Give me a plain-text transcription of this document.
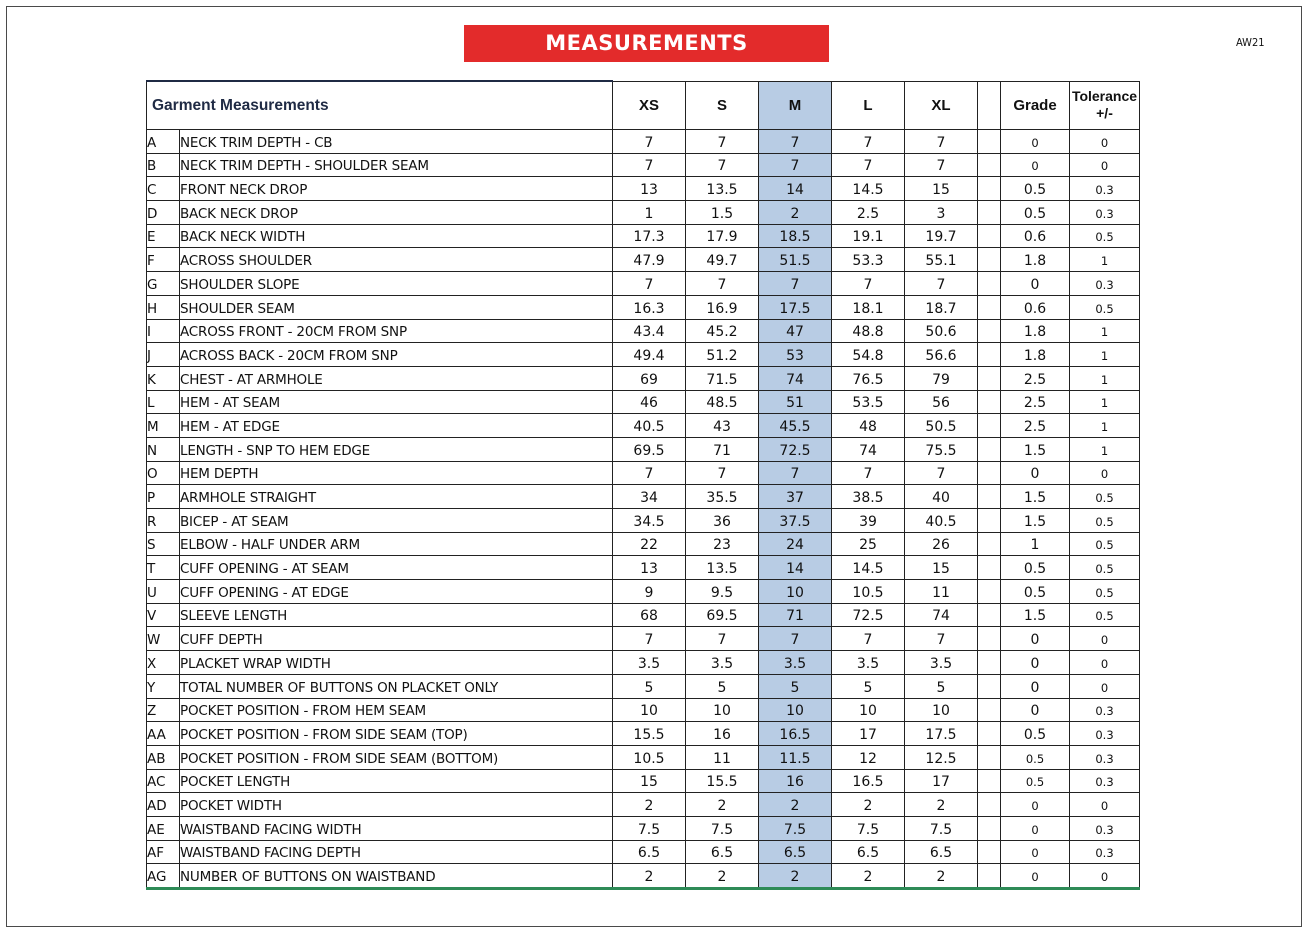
MEASUREMENTS	AW21
Garment Measurements		XS	S	M	L	XL		Grade	Tolerance +/-
A	NECK TRIM DEPTH - CB	7	7	7	7	7		0	0
B	NECK TRIM DEPTH - SHOULDER SEAM	7	7	7	7	7		0	0
C	FRONT NECK DROP	13	13.5	14	14.5	15		0.5	0.3
D	BACK NECK DROP	1	1.5	2	2.5	3		0.5	0.3
E	BACK NECK WIDTH	17.3	17.9	18.5	19.1	19.7		0.6	0.5
F	ACROSS SHOULDER	47.9	49.7	51.5	53.3	55.1		1.8	1
G	SHOULDER SLOPE	7	7	7	7	7		0	0.3
H	SHOULDER SEAM	16.3	16.9	17.5	18.1	18.7		0.6	0.5
I	ACROSS FRONT - 20CM FROM SNP	43.4	45.2	47	48.8	50.6		1.8	1
J	ACROSS BACK - 20CM FROM SNP	49.4	51.2	53	54.8	56.6		1.8	1
K	CHEST - AT ARMHOLE	69	71.5	74	76.5	79		2.5	1
L	HEM - AT SEAM	46	48.5	51	53.5	56		2.5	1
M	HEM - AT EDGE	40.5	43	45.5	48	50.5		2.5	1
N	LENGTH - SNP TO HEM EDGE	69.5	71	72.5	74	75.5		1.5	1
O	HEM DEPTH	7	7	7	7	7		0	0
P	ARMHOLE STRAIGHT	34	35.5	37	38.5	40		1.5	0.5
R	BICEP - AT SEAM	34.5	36	37.5	39	40.5		1.5	0.5
S	ELBOW - HALF UNDER ARM	22	23	24	25	26		1	0.5
T	CUFF OPENING - AT SEAM	13	13.5	14	14.5	15		0.5	0.5
U	CUFF OPENING - AT EDGE	9	9.5	10	10.5	11		0.5	0.5
V	SLEEVE LENGTH	68	69.5	71	72.5	74		1.5	0.5
W	CUFF DEPTH	7	7	7	7	7		0	0
X	PLACKET WRAP WIDTH	3.5	3.5	3.5	3.5	3.5		0	0
Y	TOTAL NUMBER OF BUTTONS ON PLACKET ONLY	5	5	5	5	5		0	0
Z	POCKET POSITION - FROM HEM SEAM	10	10	10	10	10		0	0.3
AA	POCKET POSITION - FROM SIDE SEAM (TOP)	15.5	16	16.5	17	17.5		0.5	0.3
AB	POCKET POSITION - FROM SIDE SEAM (BOTTOM)	10.5	11	11.5	12	12.5		0.5	0.3
AC	POCKET LENGTH	15	15.5	16	16.5	17		0.5	0.3
AD	POCKET WIDTH	2	2	2	2	2		0	0
AE	WAISTBAND FACING WIDTH	7.5	7.5	7.5	7.5	7.5		0	0.3
AF	WAISTBAND FACING DEPTH	6.5	6.5	6.5	6.5	6.5		0	0.3
AG	NUMBER OF BUTTONS ON WAISTBAND	2	2	2	2	2		0	0
